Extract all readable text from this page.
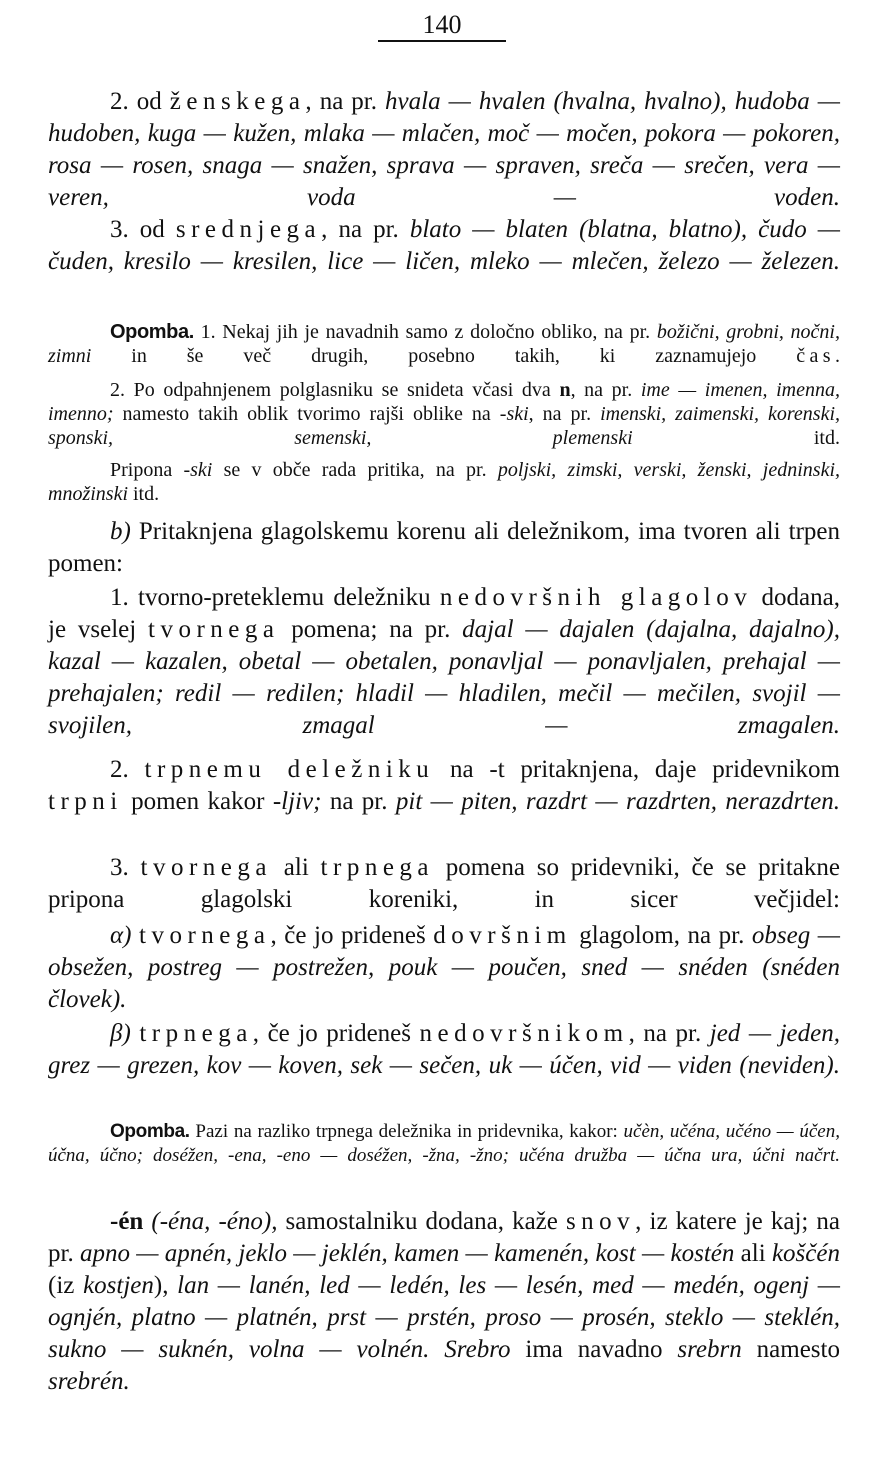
140

2. od ženskega, na pr. hvala — hvalen (hvalna, hvalno), hudoba — hudoben, kuga — kužen, mlaka — mlačen, moč — močen, pokora — pokoren, rosa — rosen, snaga — snažen, sprava — spraven, sreča — srečen, vera — veren, voda — voden.

3. od srednjega, na pr. blato — blaten (blatna, blatno), čudo — čuden, kresilo — kresilen, lice — ličen, mleko — mlečen, železo — železen.

Opomba. 1. Nekaj jih je navadnih samo z določno obliko, na pr. božični, grobni, nočni, zimni in še več drugih, posebno takih, ki zaznamujejo čas.

2. Po odpahnjenem polglasniku se snideta včasi dva n, na pr. ime — imenen, imenna, imenno; namesto takih oblik tvorimo rajši oblike na -ski, na pr. imenski, zaimenski, korenski, sponski, semenski, plemenski itd.

Pripona -ski se v obče rada pritika, na pr. poljski, zimski, verski, ženski, jedninski, množinski itd.

b) Pritaknjena glagolskemu korenu ali deležnikom, ima tvoren ali trpen pomen:

1. tvorno-preteklemu deležniku nedovršnih glagolov dodana, je vselej tvornega pomena; na pr. dajal — dajalen (dajalna, dajalno), kazal — kazalen, obetal — obetalen, ponavljal — ponavljalen, prehajal — prehajalen; redil — redilen; hladil — hladilen, mečil — mečilen, svojil — svojilen, zmagal — zmagalen.

2. trpnemu deležniku na -t pritaknjena, daje pridevnikom trpni pomen kakor -ljiv; na pr. pit — piten, razdrt — razdrten, nerazdrten.

3. tvornega ali trpnega pomena so pridevniki, če se pritakne pripona glagolski koreniki, in sicer večjidel:

α) tvornega, če jo prideneš dovršnim glagolom, na pr. obseg — obsežen, postreg — postrežen, pouk — poučen, sned — snéden (snéden človek).

β) trpnega, če jo prideneš nedovršnikom, na pr. jed — jeden, grez — grezen, kov — koven, sek — sečen, uk — účen, vid — viden (neviden).

Opomba. Pazi na razliko trpnega deležnika in pridevnika, kakor: učèn, učéna, učéno — účen, účna, účno; doséžen, -ena, -eno — doséžen, -žna, -žno; učéna družba — účna ura, účni načrt.

-én (-éna, -éno), samostalniku dodana, kaže snov, iz katere je kaj; na pr. apno — apnén, jeklo — jeklén, kamen — kamenén, kost — kostén ali koščén (iz kostjen), lan — lanén, led — ledén, les — lesén, med — medén, ogenj — ognjén, platno — platnén, prst — prstén, proso — prosén, steklo — steklén, sukno — suknén, volna — volnén. Srebro ima navadno srebrn namesto srebrén.
